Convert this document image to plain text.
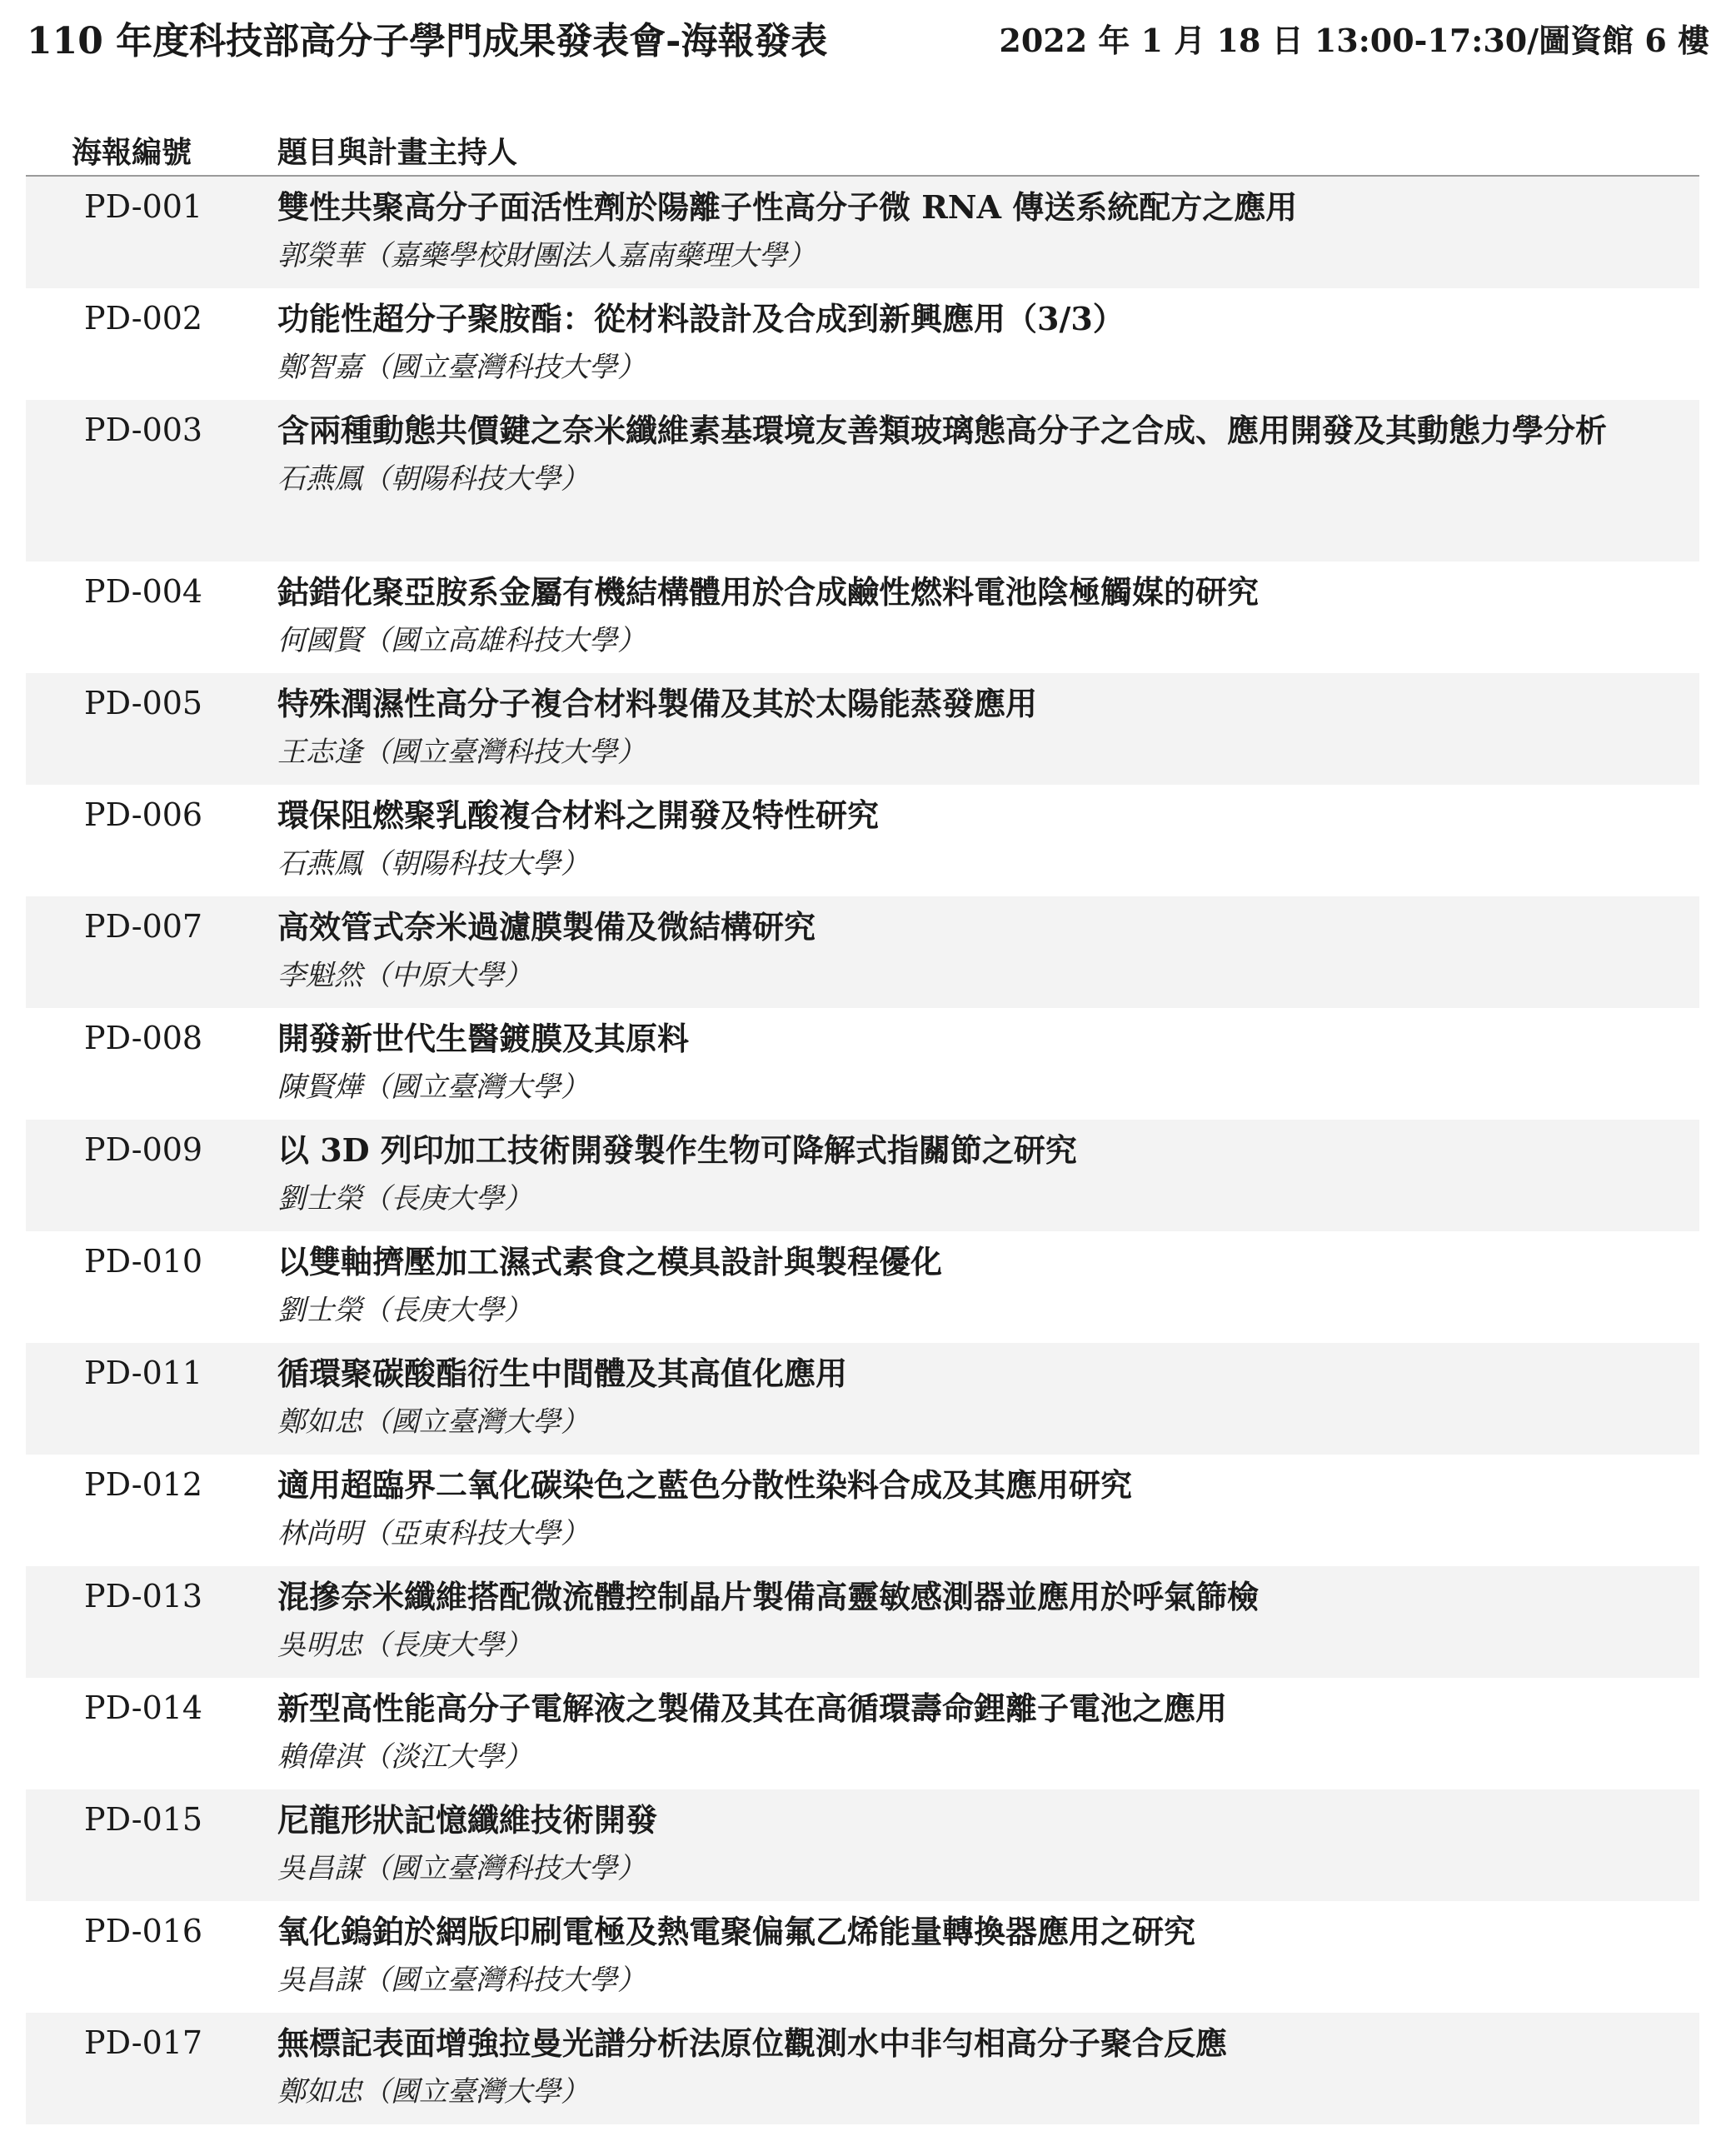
110 年度科技部高分子學門成果發表會-海報發表	2022 年 1 月 18 日 13:00-17:30/圖資館 6 樓
海報編號	題目與計畫主持人
PD-001	雙性共聚高分子面活性劑於陽離子性高分子微 RNA 傳送系統配方之應用
郭榮華（嘉藥學校財團法人嘉南藥理大學）
PD-002	功能性超分子聚胺酯：從材料設計及合成到新興應用（3/3）
鄭智嘉（國立臺灣科技大學）
PD-003	含兩種動態共價鍵之奈米纖維素基環境友善類玻璃態高分子之合成、應用開發及其動態力學分析
石燕鳳（朝陽科技大學）
PD-004	鈷錯化聚亞胺系金屬有機結構體用於合成鹼性燃料電池陰極觸媒的研究
何國賢（國立高雄科技大學）
PD-005	特殊潤濕性高分子複合材料製備及其於太陽能蒸發應用
王志逢（國立臺灣科技大學）
PD-006	環保阻燃聚乳酸複合材料之開發及特性研究
石燕鳳（朝陽科技大學）
PD-007	高效管式奈米過濾膜製備及微結構研究
李魁然（中原大學）
PD-008	開發新世代生醫鍍膜及其原料
陳賢燁（國立臺灣大學）
PD-009	以 3D 列印加工技術開發製作生物可降解式指關節之研究
劉士榮（長庚大學）
PD-010	以雙軸擠壓加工濕式素食之模具設計與製程優化
劉士榮（長庚大學）
PD-011	循環聚碳酸酯衍生中間體及其高值化應用
鄭如忠（國立臺灣大學）
PD-012	適用超臨界二氧化碳染色之藍色分散性染料合成及其應用研究
林尚明（亞東科技大學）
PD-013	混摻奈米纖維搭配微流體控制晶片製備高靈敏感測器並應用於呼氣篩檢
吳明忠（長庚大學）
PD-014	新型高性能高分子電解液之製備及其在高循環壽命鋰離子電池之應用
賴偉淇（淡江大學）
PD-015	尼龍形狀記憶纖維技術開發
吳昌謀（國立臺灣科技大學）
PD-016	氧化鎢鉑於網版印刷電極及熱電聚偏氟乙烯能量轉換器應用之研究
吳昌謀（國立臺灣科技大學）
PD-017	無標記表面增強拉曼光譜分析法原位觀測水中非勻相高分子聚合反應
鄭如忠（國立臺灣大學）
